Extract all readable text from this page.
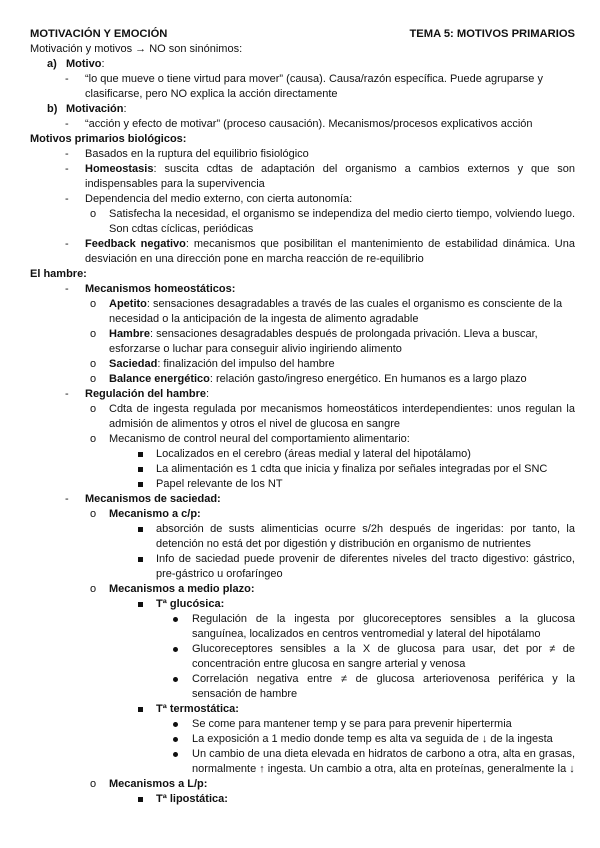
MOTIVACIÓN Y EMOCIÓN	TEMA 5: MOTIVOS PRIMARIOS
Motivación y motivos → NO son sinónimos:
a) Motivo:
- “lo que mueve o tiene virtud para mover” (causa). Causa/razón específica. Puede agruparse y clasificarse, pero NO explica la acción directamente
b) Motivación:
- “acción y efecto de motivar” (proceso causación). Mecanismos/procesos explicativos acción
Motivos primarios biológicos:
- Basados en la ruptura del equilibrio fisiológico
- Homeostasis: suscita cdtas de adaptación del organismo a cambios externos y que son indispensables para la supervivencia
- Dependencia del medio externo, con cierta autonomía:
o Satisfecha la necesidad, el organismo se independiza del medio cierto tiempo, volviendo luego. Son cdtas cíclicas, periódicas
- Feedback negativo: mecanismos que posibilitan el mantenimiento de estabilidad dinámica. Una desviación en una dirección pone en marcha reacción de re-equilibrio
El hambre:
- Mecanismos homeostáticos:
o Apetito: sensaciones desagradables a través de las cuales el organismo es consciente de la necesidad o la anticipación de la ingesta de alimento agradable
o Hambre: sensaciones desagradables después de prolongada privación. Lleva a buscar, esforzarse o luchar para conseguir alivio ingiriendo alimento
o Saciedad: finalización del impulso del hambre
o Balance energético: relación gasto/ingreso energético. En humanos es a largo plazo
- Regulación del hambre:
o Cdta de ingesta regulada por mecanismos homeostáticos interdependientes: unos regulan la admisión de alimentos y otros el nivel de glucosa en sangre
o Mecanismo de control neural del comportamiento alimentario:
Localizados en el cerebro (áreas medial y lateral del hipotálamo)
La alimentación es 1 cdta que inicia y finaliza por señales integradas por el SNC
Papel relevante de los NT
- Mecanismos de saciedad:
o Mecanismo a c/p:
absorción de susts alimenticias ocurre s/2h después de ingeridas: por tanto, la detención no está det por digestión y distribución en organismo de nutrientes
Info de saciedad puede provenir de diferentes niveles del tracto digestivo: gástrico, pre-gástrico u orofaríngeo
o Mecanismos a medio plazo:
Tª glucósica:
Regulación de la ingesta por glucoreceptores sensibles a la glucosa sanguínea, localizados en centros ventromedial y lateral del hipotálamo
Glucoreceptores sensibles a la X de glucosa para usar, det por ≠ de concentración entre glucosa en sangre arterial y venosa
Correlación negativa entre ≠ de glucosa arteriovenosa periférica y la sensación de hambre
Tª termostática:
Se come para mantener temp y se para para prevenir hipertermia
La exposición a 1 medio donde temp es alta va seguida de ↓ de la ingesta
Un cambio de una dieta elevada en hidratos de carbono a otra, alta en grasas, normalmente ↑ ingesta. Un cambio a otra, alta en proteínas, generalmente la ↓
o Mecanismos a L/p:
Tª lipostática:
